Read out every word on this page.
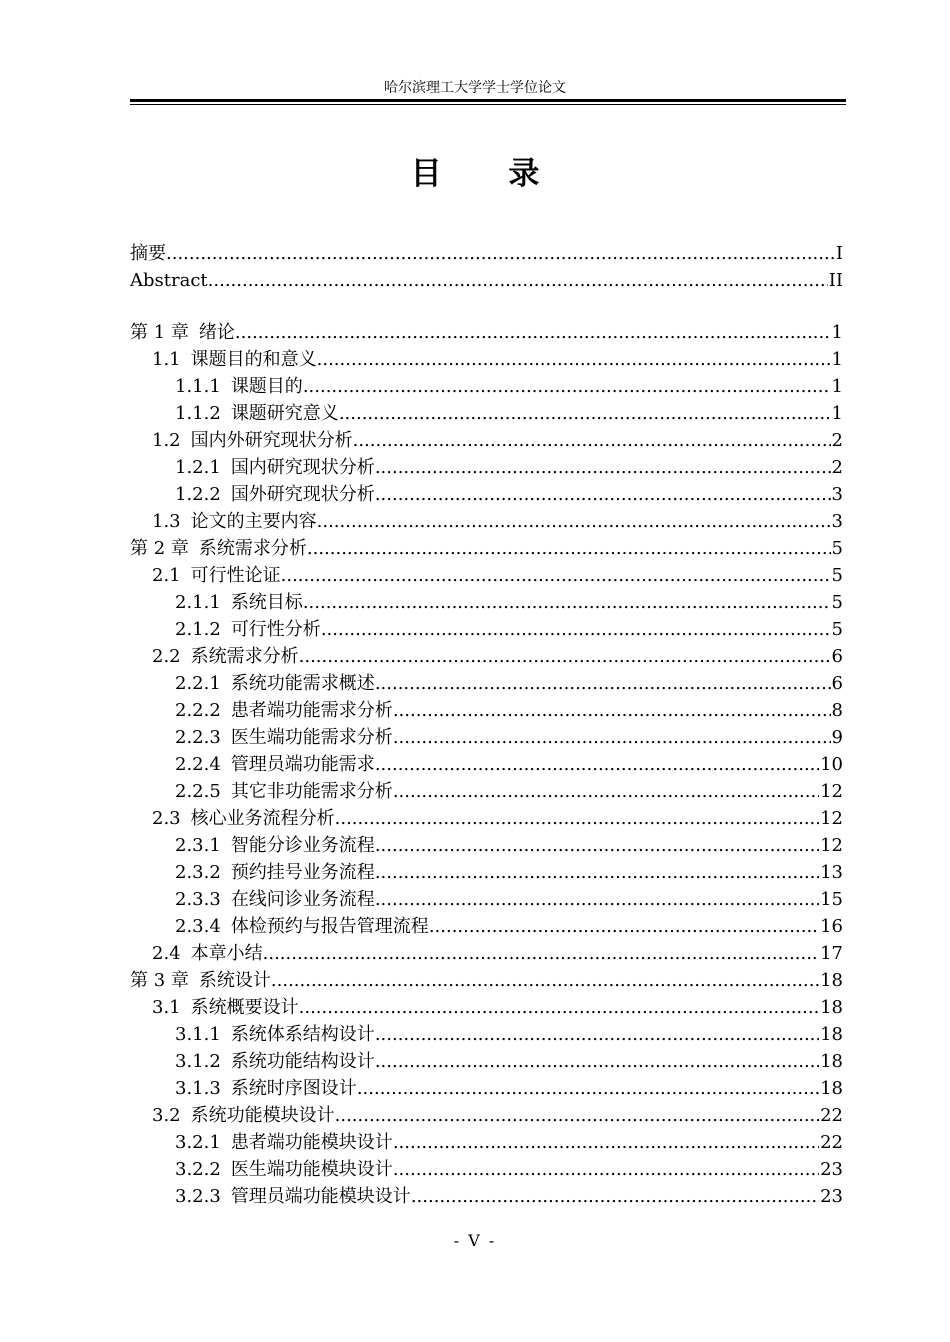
哈尔滨理工大学学士学位论文
目 录
摘要 .....	I
Abstract .....	II
第 1 章 绪论 .....	1
1.1 课题目的和意义 .....	1
1.1.1 课题目的 .....	1
1.1.2 课题研究意义 .....	1
1.2 国内外研究现状分析 .....	2
1.2.1 国内研究现状分析 .....	2
1.2.2 国外研究现状分析 .....	3
1.3 论文的主要内容 .....	3
第 2 章 系统需求分析 .....	5
2.1 可行性论证 .....	5
2.1.1 系统目标 .....	5
2.1.2 可行性分析 .....	5
2.2 系统需求分析 .....	6
2.2.1 系统功能需求概述 .....	6
2.2.2 患者端功能需求分析 .....	8
2.2.3 医生端功能需求分析 .....	9
2.2.4 管理员端功能需求 .....	10
2.2.5 其它非功能需求分析 .....	12
2.3 核心业务流程分析 .....	12
2.3.1 智能分诊业务流程 .....	12
2.3.2 预约挂号业务流程 .....	13
2.3.3 在线问诊业务流程 .....	15
2.3.4 体检预约与报告管理流程 .....	16
2.4 本章小结 .....	17
第 3 章 系统设计 .....	18
3.1 系统概要设计 .....	18
3.1.1 系统体系结构设计 .....	18
3.1.2 系统功能结构设计 .....	18
3.1.3 系统时序图设计 .....	18
3.2 系统功能模块设计 .....	22
3.2.1 患者端功能模块设计 .....	22
3.2.2 医生端功能模块设计 .....	23
3.2.3 管理员端功能模块设计 .....	23
- V -
